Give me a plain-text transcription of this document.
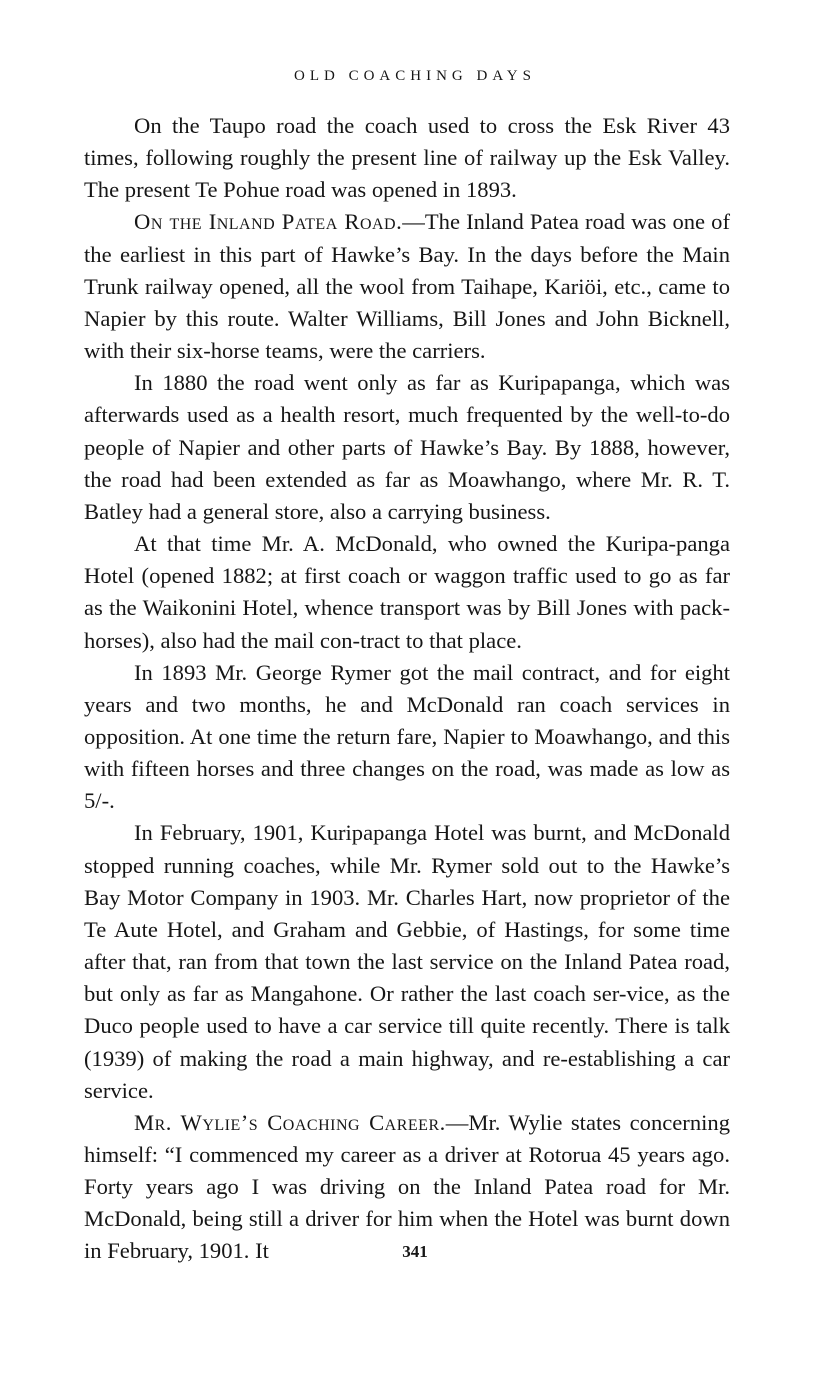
OLD COACHING DAYS

On the Taupo road the coach used to cross the Esk River 43 times, following roughly the present line of railway up the Esk Valley. The present Te Pohue road was opened in 1893.

On the Inland Patea Road.—The Inland Patea road was one of the earliest in this part of Hawke’s Bay. In the days before the Main Trunk railway opened, all the wool from Taihape, Kariöi, etc., came to Napier by this route. Walter Williams, Bill Jones and John Bicknell, with their six-horse teams, were the carriers.

In 1880 the road went only as far as Kuripapanga, which was afterwards used as a health resort, much frequented by the well-to-do people of Napier and other parts of Hawke’s Bay. By 1888, however, the road had been extended as far as Moawhango, where Mr. R. T. Batley had a general store, also a carrying business.

At that time Mr. A. McDonald, who owned the Kuripa-panga Hotel (opened 1882; at first coach or waggon traffic used to go as far as the Waikonini Hotel, whence transport was by Bill Jones with pack-horses), also had the mail con-tract to that place.

In 1893 Mr. George Rymer got the mail contract, and for eight years and two months, he and McDonald ran coach services in opposition. At one time the return fare, Napier to Moawhango, and this with fifteen horses and three changes on the road, was made as low as 5/-.

In February, 1901, Kuripapanga Hotel was burnt, and McDonald stopped running coaches, while Mr. Rymer sold out to the Hawke’s Bay Motor Company in 1903. Mr. Charles Hart, now proprietor of the Te Aute Hotel, and Graham and Gebbie, of Hastings, for some time after that, ran from that town the last service on the Inland Patea road, but only as far as Mangahone. Or rather the last coach ser-vice, as the Duco people used to have a car service till quite recently. There is talk (1939) of making the road a main highway, and re-establishing a car service.

Mr. Wylie’s Coaching Career.—Mr. Wylie states concerning himself: “I commenced my career as a driver at Rotorua 45 years ago. Forty years ago I was driving on the Inland Patea road for Mr. McDonald, being still a driver for him when the Hotel was burnt down in February, 1901. It	341
